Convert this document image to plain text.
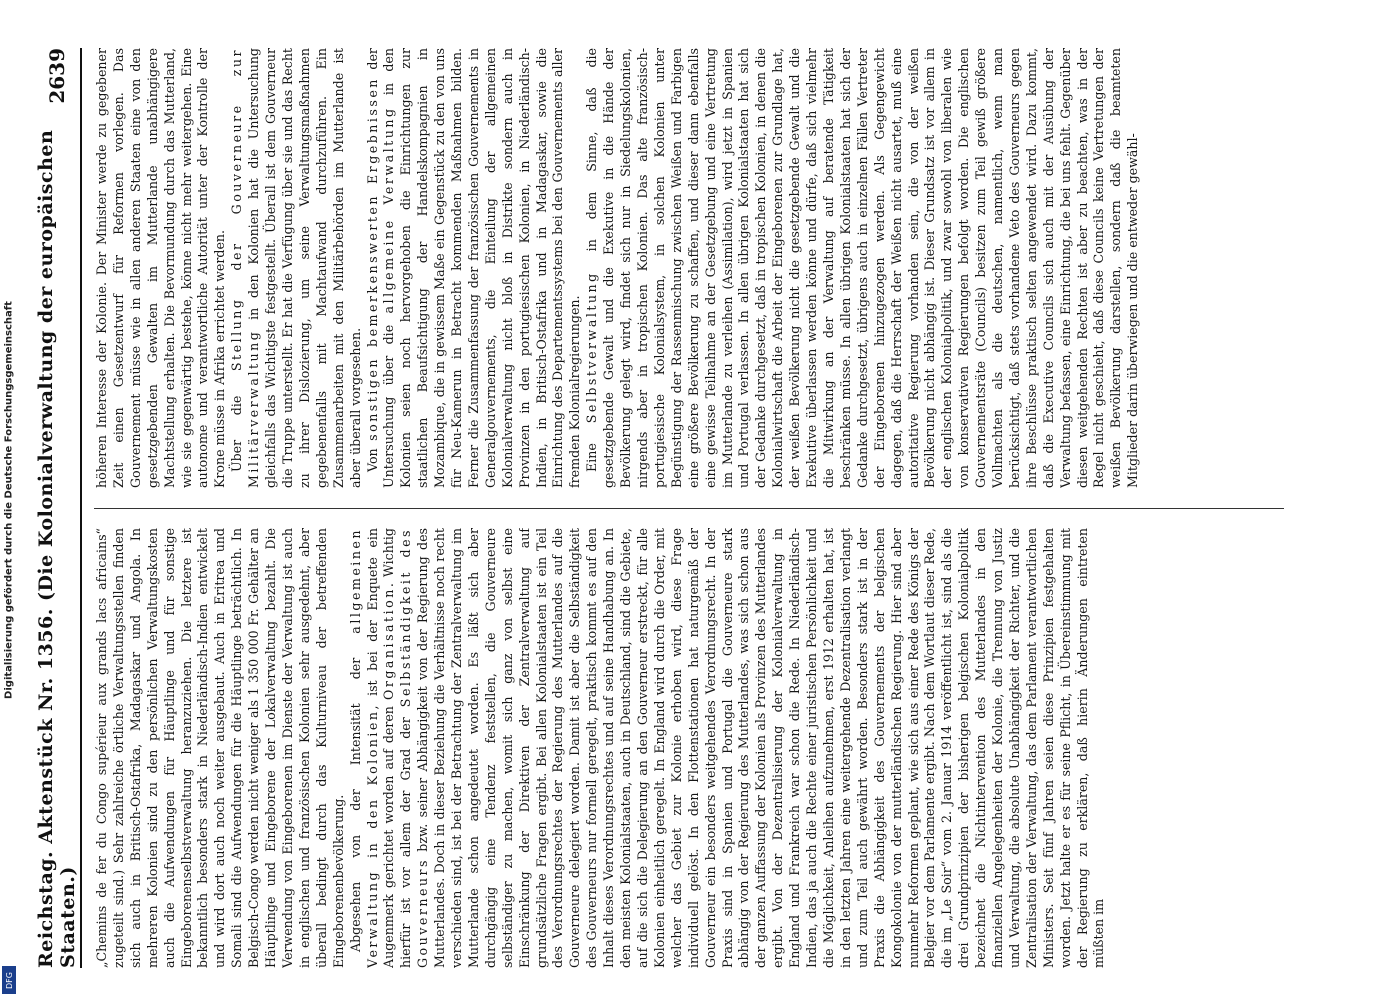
Digitalisierung gefördert durch die Deutsche Forschungsgemeinschaft
DFG
Reichstag. Aktenstück Nr. 1356. (Die Kolonialverwaltung der europäischen Staaten.)
2639

„Chemins de fer du Congo supérieur aux grands lacs africains“ zugeteilt sind.) Sehr zahlreiche örtliche Verwaltungsstellen finden sich auch in Britisch-Ostafrika, Madagaskar und Angola. In mehreren Kolonien sind zu den persönlichen Verwaltungskosten auch die Aufwendungen für Häuptlinge und für sonstige Eingeborenenselbstverwaltung heranzuziehen. Die letztere ist bekanntlich besonders stark in Niederländisch-Indien entwickelt und wird dort auch noch weiter ausgebaut. Auch in Eritrea und Somali sind die Aufwendungen für die Häuptlinge beträchtlich. In Belgisch-Congo werden nicht weniger als 1 350 000 Fr. Gehälter an Häuptlinge und Eingeborene der Lokalverwaltung bezahlt. Die Verwendung von Eingeborenen im Dienste der Verwaltung ist auch in englischen und französischen Kolonien sehr ausgedehnt, aber überall bedingt durch das Kulturniveau der betreffenden Eingeborenenbevölkerung. Abgesehen von der Intensität der allgemeinen Verwaltung in den Kolonien, ist bei der Enquete ein Augenmerk gerichtet worden auf deren Organisation. Wichtig hierfür ist vor allem der Grad der Selbständigkeit des Gouverneurs bzw. seiner Abhängigkeit von der Regierung des Mutterlandes. Doch in dieser Beziehung die Verhältnisse noch recht verschieden sind, ist bei der Betrachtung der Zentralverwaltung im Mutterlande schon angedeutet worden. Es läßt sich aber durchgängig eine Tendenz feststellen, die Gouverneure selbständiger zu machen, womit sich ganz von selbst eine Einschränkung der Direktiven der Zentralverwaltung auf grundsätzliche Fragen ergibt. Bei allen Kolonialstaaten ist ein Teil des Verordnungsrechtes der Regierung des Mutterlandes auf die Gouverneure delegiert worden. Damit ist aber die Selbständigkeit des Gouverneurs nur formell geregelt, praktisch kommt es auf den Inhalt dieses Verordnungsrechtes und auf seine Handhabung an. In den meisten Kolonialstaaten, auch in Deutschland, sind die Gebiete, auf die sich die Delegierung an den Gouverneur erstreckt, für alle Kolonien einheitlich geregelt. In England wird durch die Order, mit welcher das Gebiet zur Kolonie erhoben wird, diese Frage individuell gelöst. In den Flottenstationen hat naturgemäß der Gouverneur ein besonders weitgehendes Verordnungsrecht. In der Praxis sind in Spanien und Portugal die Gouverneure stark abhängig von der Regierung des Mutterlandes, was sich schon aus der ganzen Auffassung der Kolonien als Provinzen des Mutterlandes ergibt. Von der Dezentralisierung der Kolonialverwaltung in England und Frankreich war schon die Rede. In Niederländisch-Indien, das ja auch die Rechte einer juristischen Persönlichkeit und die Möglichkeit, Anleihen aufzunehmen, erst 1912 erhalten hat, ist in den letzten Jahren eine weitergehende Dezentralisation verlangt und zum Teil auch gewährt worden. Besonders stark ist in der Praxis die Abhängigkeit des Gouvernements der belgischen Kongokolonie von der mutterländischen Regierung. Hier sind aber nunmehr Reformen geplant, wie sich aus einer Rede des Königs der Belgier vor dem Parlamente ergibt. Nach dem Wortlaut dieser Rede, die im „Le Soir“ vom 2. Januar 1914 veröffentlicht ist, sind als die drei Grundprinzipien der bisherigen belgischen Kolonialpolitik bezeichnet die Nichtintervention des Mutterlandes in den finanziellen Angelegenheiten der Kolonie, die Trennung von Justiz und Verwaltung, die absolute Unabhängigkeit der Richter, und die Zentralisation der Verwaltung, das dem Parlament verantwortlichen Ministers. Seit fünf Jahren seien diese Prinzipien festgehalten worden. Jetzt halte er es für seine Pflicht, in Übereinstimmung mit der Regierung zu erklären, daß hierin Änderungen eintreten müßten im

höheren Interesse der Kolonie. Der Minister werde zu gegebener Zeit einen Gesetzentwurf für Reformen vorlegen. Das Gouvernement müsse wie in allen anderen Staaten eine von den gesetzgebenden Gewalten im Mutterlande unabhängigere Machtstellung erhalten. Die Bevormundung durch das Mutterland, wie sie gegenwärtig bestehe, könne nicht mehr weitergehen. Eine autonome und verantwortliche Autorität unter der Kontrolle der Krone müsse in Afrika errichtet werden. Über die Stellung der Gouverneure zur Militärverwaltung in den Kolonien hat die Untersuchung gleichfalls das Wichtigste festgestellt. Überall ist dem Gouverneur die Truppe unterstellt. Er hat die Verfügung über sie und das Recht zu ihrer Dislozierung, um seine Verwaltungsmaßnahmen gegebenenfalls mit Machtaufwand durchzuführen. Ein Zusammenarbeiten mit den Militärbehörden im Mutterlande ist aber überall vorgesehen. Von sonstigen bemerkenswerten Ergebnissen der Untersuchung über die allgemeine Verwaltung in den Kolonien seien noch hervorgehoben die Einrichtungen zur staatlichen Beaufsichtigung der Handelskompagnien in Mozambique, die in gewissem Maße ein Gegenstück zu den von uns für Neu-Kamerun in Betracht kommenden Maßnahmen bilden. Ferner die Zusammenfassung der französischen Gouvernements in Generalgouvernements, die Einteilung der allgemeinen Kolonialverwaltung nicht bloß in Distrikte sondern auch in Provinzen in den portugiesischen Kolonien, in Niederländisch-Indien, in Britisch-Ostafrika und in Madagaskar, sowie die Einrichtung des Departementssystems bei den Gouvernements aller fremden Kolonialregierungen. Eine Selbstverwaltung in dem Sinne, daß die gesetzgebende Gewalt und die Exekutive in die Hände der Bevölkerung gelegt wird, findet sich nur in Siedelungskolonien, nirgends aber in tropischen Kolonien. Das alte französisch-portugiesische Kolonialsystem, in solchen Kolonien unter Begünstigung der Rassenmischung zwischen Weißen und Farbigen eine größere Bevölkerung zu schaffen, und dieser dann ebenfalls eine gewisse Teilnahme an der Gesetzgebung und eine Vertretung im Mutterlande zu verleihen (Assimilation), wird jetzt in Spanien und Portugal verlassen. In allen übrigen Kolonialstaaten hat sich der Gedanke durchgesetzt, daß in tropischen Kolonien, in denen die Kolonialwirtschaft die Arbeit der Eingeborenen zur Grundlage hat, der weißen Bevölkerung nicht die gesetzgebende Gewalt und die Exekutive überlassen werden könne und dürfe, daß sich vielmehr die Mitwirkung an der Verwaltung auf beratende Tätigkeit beschränken müsse. In allen übrigen Kolonialstaaten hat sich der Gedanke durchgesetzt, übrigens auch in einzelnen Fällen Vertreter der Eingeborenen hinzugezogen werden. Als Gegengewicht dagegen, daß die Herrschaft der Weißen nicht ausartet, muß eine autoritative Regierung vorhanden sein, die von der weißen Bevölkerung nicht abhängig ist. Dieser Grundsatz ist vor allem in der englischen Kolonialpolitik, und zwar sowohl von liberalen wie von konservativen Regierungen befolgt worden. Die englischen Gouvernementsräte (Councils) besitzen zum Teil gewiß größere Vollmachten als die deutschen, namentlich, wenn man berücksichtigt, daß stets vorhandene Veto des Gouverneurs gegen ihre Beschlüsse praktisch selten angewendet wird. Dazu kommt, daß die Executive Councils sich auch mit der Ausübung der Verwaltung befassen, eine Einrichtung, die bei uns fehlt. Gegenüber diesen weitgehenden Rechten ist aber zu beachten, was in der Regel nicht geschieht, daß diese Councils keine Vertretungen der weißen Bevölkerung darstellen, sondern daß die beamteten Mitglieder darin überwiegen und die entweder gewähl-
